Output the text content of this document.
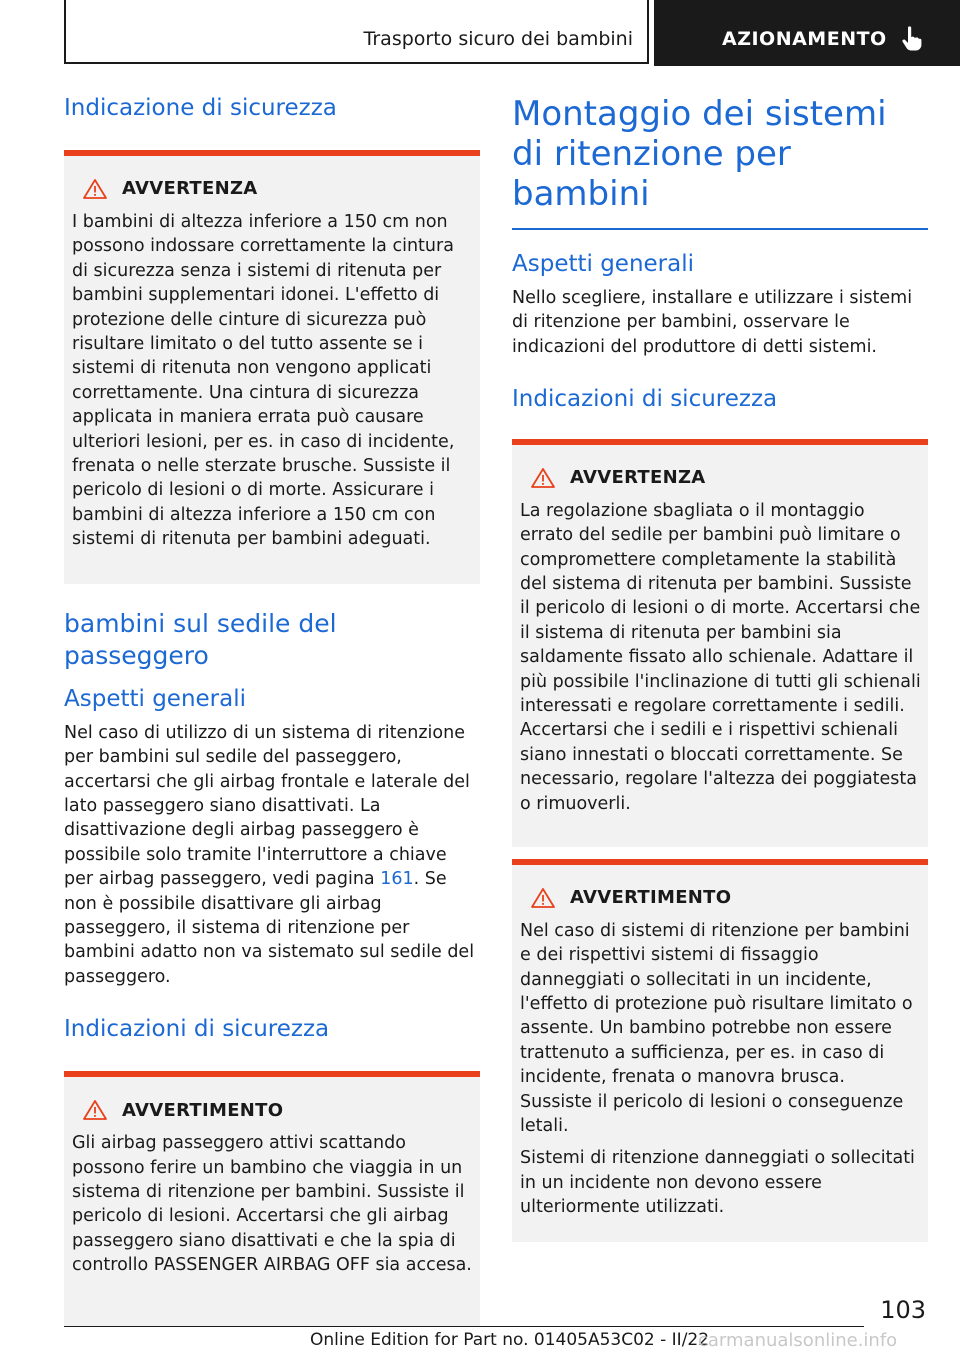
Trasporto sicuro dei bambini	AZIONAMENTO
Indicazione di sicurezza
AVVERTENZA

I bambini di altezza inferiore a 150 cm non possono indossare correttamente la cintura di sicurezza senza i sistemi di ritenuta per bambini supplementari idonei. L'effetto di protezione delle cinture di sicurezza può risultare limitato o del tutto assente se i sistemi di ritenuta non vengono applicati correttamente. Una cintura di sicurezza applicata in maniera errata può causare ulteriori lesioni, per es. in caso di incidente, frenata o nelle sterzate brusche. Sussiste il pericolo di lesioni o di morte. Assicurare i bambini di altezza inferiore a 150 cm con sistemi di ritenuta per bambini adeguati.

bambini sul sedile del passeggero
Aspetti generali

Nel caso di utilizzo di un sistema di ritenzione per bambini sul sedile del passeggero, accertarsi che gli airbag frontale e laterale del lato passeggero siano disattivati. La disattivazione degli airbag passeggero è possibile solo tramite l'interruttore a chiave per airbag passeggero, vedi pagina 161. Se non è possibile disattivare gli airbag passeggero, il sistema di ritenzione per bambini adatto non va sistemato sul sedile del passeggero.

Indicazioni di sicurezza
AVVERTIMENTO

Gli airbag passeggero attivi scattando possono ferire un bambino che viaggia in un sistema di ritenzione per bambini. Sussiste il pericolo di lesioni. Accertarsi che gli airbag passeggero siano disattivati e che la spia di controllo PASSENGER AIRBAG OFF sia accesa.

Montaggio dei sistemi di ritenzione per bambini
Aspetti generali

Nello scegliere, installare e utilizzare i sistemi di ritenzione per bambini, osservare le indicazioni del produttore di detti sistemi.

Indicazioni di sicurezza
AVVERTENZA

La regolazione sbagliata o il montaggio errato del sedile per bambini può limitare o compromettere completamente la stabilità del sistema di ritenuta per bambini. Sussiste il pericolo di lesioni o di morte. Accertarsi che il sistema di ritenuta per bambini sia saldamente fissato allo schienale. Adattare il più possibile l'inclinazione di tutti gli schienali interessati e regolare correttamente i sedili. Accertarsi che i sedili e i rispettivi schienali siano innestati o bloccati correttamente. Se necessario, regolare l'altezza dei poggiatesta o rimuoverli.

AVVERTIMENTO

Nel caso di sistemi di ritenzione per bambini e dei rispettivi sistemi di fissaggio danneggiati o sollecitati in un incidente, l'effetto di protezione può risultare limitato o assente. Un bambino potrebbe non essere trattenuto a sufficienza, per es. in caso di incidente, frenata o manovra brusca. Sussiste il pericolo di lesioni o conseguenze letali.

Sistemi di ritenzione danneggiati o sollecitati in un incidente non devono essere ulteriormente utilizzati.

103
Online Edition for Part no. 01405A53C02 - II/22
carmanualsonline.info
